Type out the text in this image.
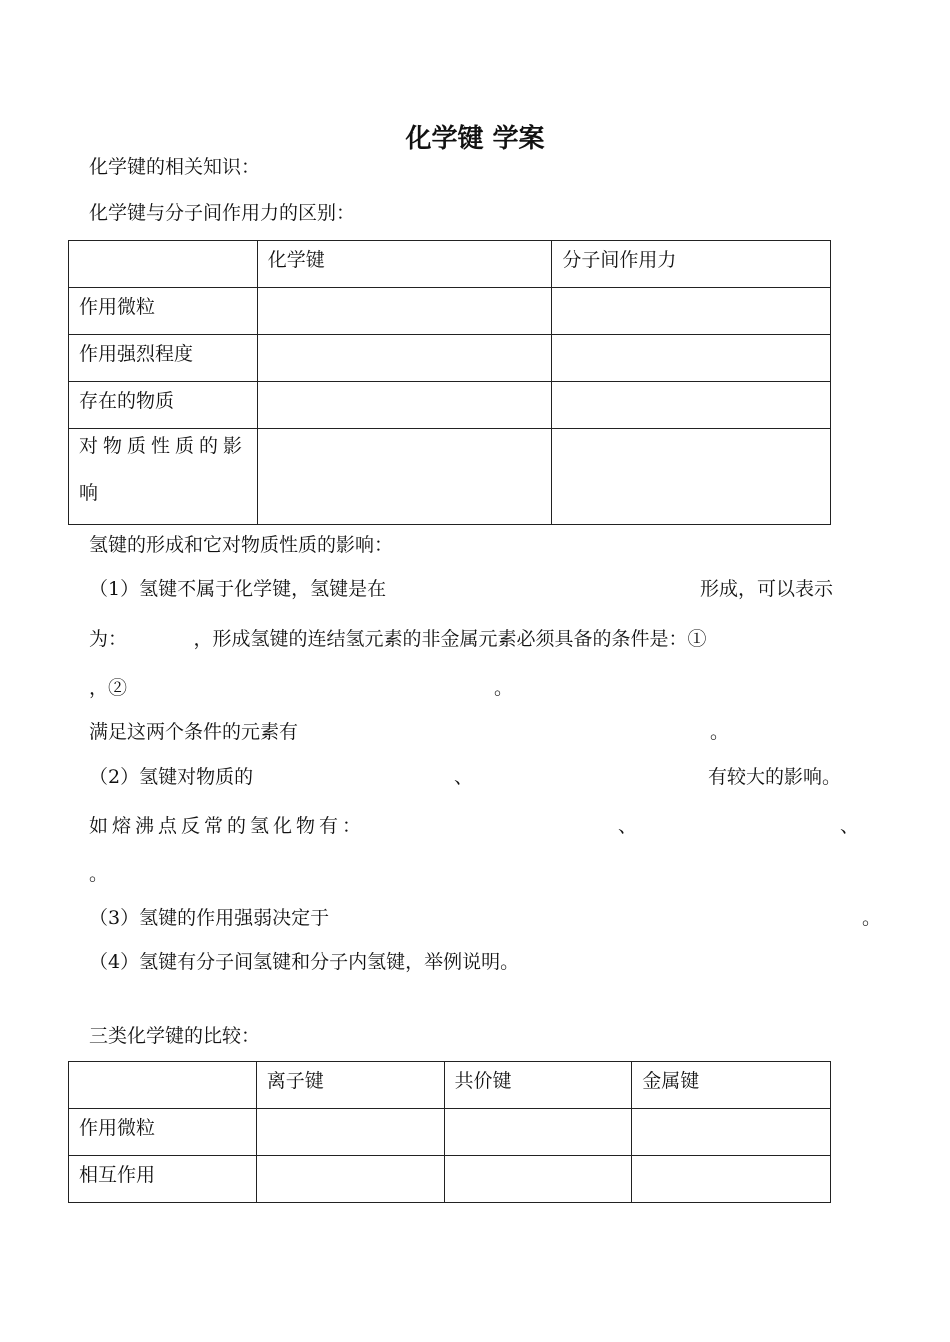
化学键 学案
化学键的相关知识：
化学键与分子间作用力的区别：

	化学键	分子间作用力

作用微粒		

作用强烈程度		

存在的物质		

对物质性质的影响		

氢键的形成和它对物质性质的影响：
（1）氢键不属于化学键，氢键是在	形成，可以表示
为：　　　　，形成氢键的连结氢元素的非金属元素必须具备的条件是：①
，②	。
满足这两个条件的元素有	。
（2）氢键对物质的	、	有较大的影响。
如熔沸点反常的氢化物有：	、	、
。
（3）氢键的作用强弱决定于	。
（4）氢键有分子间氢键和分子内氢键，举例说明。
三类化学键的比较：

	离子键	共价键	金属键

作用微粒			

相互作用			
